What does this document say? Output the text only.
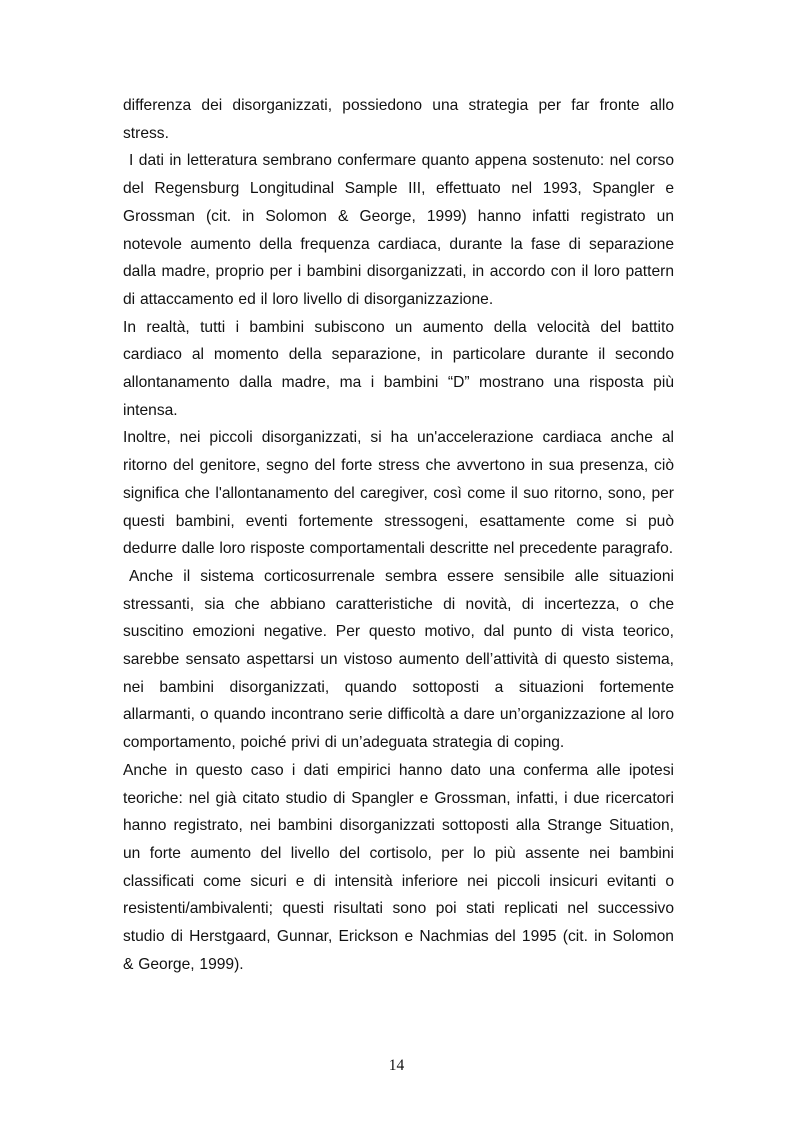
differenza dei disorganizzati, possiedono una strategia per far fronte allo stress.

I dati in letteratura sembrano confermare quanto appena sostenuto: nel corso del Regensburg Longitudinal Sample III, effettuato nel 1993, Spangler e Grossman (cit. in Solomon & George, 1999) hanno infatti registrato un notevole aumento della frequenza cardiaca, durante la fase di separazione dalla madre, proprio per i bambini disorganizzati, in accordo con il loro pattern di attaccamento ed il loro livello di disorganizzazione.

In realtà, tutti i bambini subiscono un aumento della velocità del battito cardiaco al momento della separazione, in particolare durante il secondo allontanamento dalla madre, ma i bambini “D” mostrano una risposta più intensa.

Inoltre, nei piccoli disorganizzati, si ha un'accelerazione cardiaca anche al ritorno del genitore, segno del forte stress che avvertono in sua presenza, ciò significa che l'allontanamento del caregiver, così come il suo ritorno, sono, per questi bambini, eventi fortemente stressogeni, esattamente come si può dedurre dalle loro risposte comportamentali descritte nel precedente paragrafo.

Anche il sistema corticosurrenale sembra essere sensibile alle situazioni stressanti, sia che abbiano caratteristiche di novità, di incertezza, o che suscitino emozioni negative. Per questo motivo, dal punto di vista teorico, sarebbe sensato aspettarsi un vistoso aumento dell’attività di questo sistema, nei bambini disorganizzati, quando sottoposti a situazioni fortemente allarmanti, o quando incontrano serie difficoltà a dare un’organizzazione al loro comportamento, poiché privi di un’adeguata strategia di coping.

Anche in questo caso i dati empirici hanno dato una conferma alle ipotesi teoriche: nel già citato studio di Spangler e Grossman, infatti, i due ricercatori hanno registrato, nei bambini disorganizzati sottoposti alla Strange Situation, un forte aumento del livello del cortisolo, per lo più assente nei bambini classificati come sicuri e di intensità inferiore nei piccoli insicuri evitanti o resistenti/ambivalenti; questi risultati sono poi stati replicati nel successivo studio di Herstgaard, Gunnar, Erickson e Nachmias del 1995 (cit. in Solomon & George, 1999).

14
